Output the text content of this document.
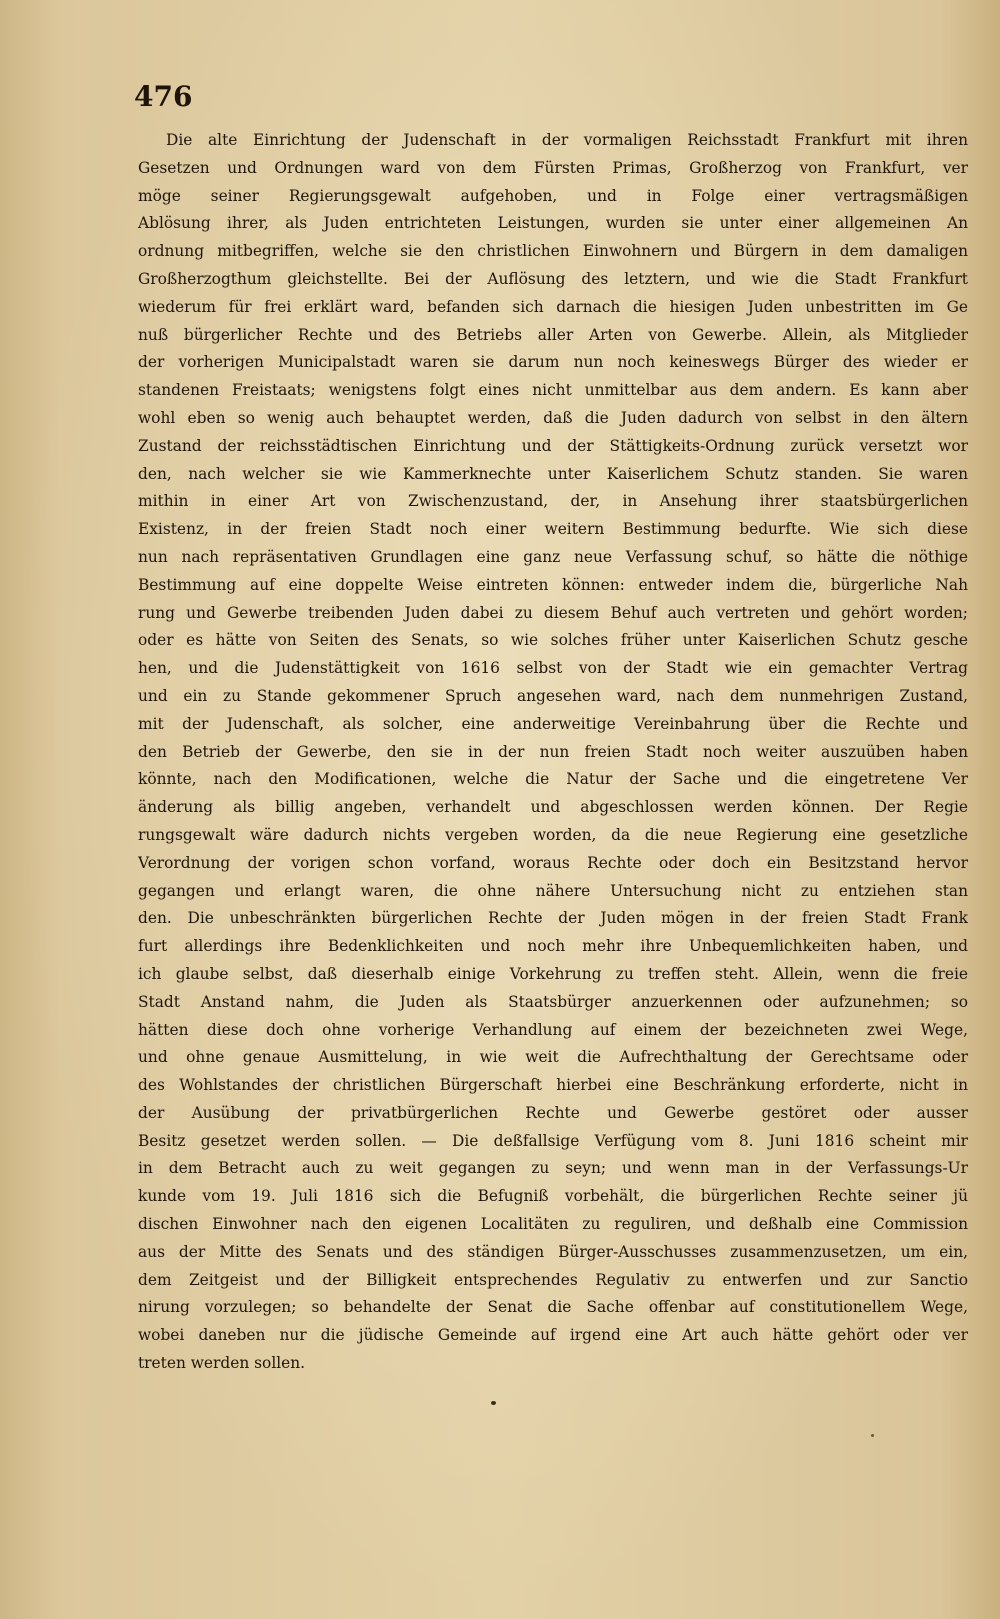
476
Die alte Einrichtung der Judenschaft in der vormaligen Reichsstadt Frankfurt mit ihren
Gesetzen und Ordnungen ward von dem Fürsten Primas, Großherzog von Frankfurt, ver
möge seiner Regierungsgewalt aufgehoben, und in Folge einer vertragsmäßigen
Ablösung ihrer, als Juden entrichteten Leistungen, wurden sie unter einer allgemeinen An
ordnung mitbegriffen, welche sie den christlichen Einwohnern und Bürgern in dem damaligen
Großherzogthum gleichstellte. Bei der Auflösung des letztern, und wie die Stadt Frankfurt
wiederum für frei erklärt ward, befanden sich darnach die hiesigen Juden unbestritten im Ge
nuß bürgerlicher Rechte und des Betriebs aller Arten von Gewerbe. Allein, als Mitglieder
der vorherigen Municipalstadt waren sie darum nun noch keineswegs Bürger des wieder er
standenen Freistaats; wenigstens folgt eines nicht unmittelbar aus dem andern. Es kann aber
wohl eben so wenig auch behauptet werden, daß die Juden dadurch von selbst in den ältern
Zustand der reichsstädtischen Einrichtung und der Stättigkeits-Ordnung zurück versetzt wor
den, nach welcher sie wie Kammerknechte unter Kaiserlichem Schutz standen. Sie waren
mithin in einer Art von Zwischenzustand, der, in Ansehung ihrer staatsbürgerlichen
Existenz, in der freien Stadt noch einer weitern Bestimmung bedurfte. Wie sich diese
nun nach repräsentativen Grundlagen eine ganz neue Verfassung schuf, so hätte die nöthige
Bestimmung auf eine doppelte Weise eintreten können: entweder indem die, bürgerliche Nah
rung und Gewerbe treibenden Juden dabei zu diesem Behuf auch vertreten und gehört worden;
oder es hätte von Seiten des Senats, so wie solches früher unter Kaiserlichen Schutz gesche
hen, und die Judenstättigkeit von 1616 selbst von der Stadt wie ein gemachter Vertrag
und ein zu Stande gekommener Spruch angesehen ward, nach dem nunmehrigen Zustand,
mit der Judenschaft, als solcher, eine anderweitige Vereinbahrung über die Rechte und
den Betrieb der Gewerbe, den sie in der nun freien Stadt noch weiter auszuüben haben
könnte, nach den Modificationen, welche die Natur der Sache und die eingetretene Ver
änderung als billig angeben, verhandelt und abgeschlossen werden können. Der Regie
rungsgewalt wäre dadurch nichts vergeben worden, da die neue Regierung eine gesetzliche
Verordnung der vorigen schon vorfand, woraus Rechte oder doch ein Besitzstand hervor
gegangen und erlangt waren, die ohne nähere Untersuchung nicht zu entziehen stan
den. Die unbeschränkten bürgerlichen Rechte der Juden mögen in der freien Stadt Frank
furt allerdings ihre Bedenklichkeiten und noch mehr ihre Unbequemlichkeiten haben, und
ich glaube selbst, daß dieserhalb einige Vorkehrung zu treffen steht. Allein, wenn die freie
Stadt Anstand nahm, die Juden als Staatsbürger anzuerkennen oder aufzunehmen; so
hätten diese doch ohne vorherige Verhandlung auf einem der bezeichneten zwei Wege,
und ohne genaue Ausmittelung, in wie weit die Aufrechthaltung der Gerechtsame oder
des Wohlstandes der christlichen Bürgerschaft hierbei eine Beschränkung erforderte, nicht in
der Ausübung der privatbürgerlichen Rechte und Gewerbe gestöret oder ausser
Besitz gesetzet werden sollen. — Die deßfallsige Verfügung vom 8. Juni 1816 scheint mir
in dem Betracht auch zu weit gegangen zu seyn; und wenn man in der Verfassungs-Ur
kunde vom 19. Juli 1816 sich die Befugniß vorbehält, die bürgerlichen Rechte seiner jü
dischen Einwohner nach den eigenen Localitäten zu reguliren, und deßhalb eine Commission
aus der Mitte des Senats und des ständigen Bürger-Ausschusses zusammenzusetzen, um ein,
dem Zeitgeist und der Billigkeit entsprechendes Regulativ zu entwerfen und zur Sanctio
nirung vorzulegen; so behandelte der Senat die Sache offenbar auf constitutionellem Wege,
wobei daneben nur die jüdische Gemeinde auf irgend eine Art auch hätte gehört oder ver
treten werden sollen.
